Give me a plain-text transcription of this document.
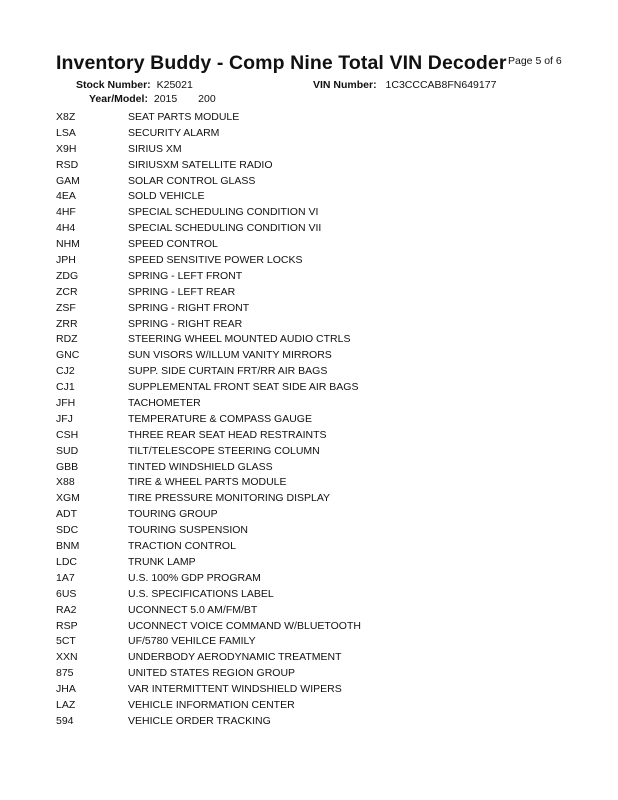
Inventory Buddy - Comp Nine Total VIN Decoder Page 5 of 6
Stock Number: K25021	VIN Number: 1C3CCCAB8FN649177
Year/Model: 2015 200
X8Z	SEAT PARTS MODULE
LSA	SECURITY ALARM
X9H	SIRIUS XM
RSD	SIRIUSXM SATELLITE RADIO
GAM	SOLAR CONTROL GLASS
4EA	SOLD VEHICLE
4HF	SPECIAL SCHEDULING CONDITION VI
4H4	SPECIAL SCHEDULING CONDITION VII
NHM	SPEED CONTROL
JPH	SPEED SENSITIVE POWER LOCKS
ZDG	SPRING - LEFT FRONT
ZCR	SPRING - LEFT REAR
ZSF	SPRING - RIGHT FRONT
ZRR	SPRING - RIGHT REAR
RDZ	STEERING WHEEL MOUNTED AUDIO CTRLS
GNC	SUN VISORS W/ILLUM VANITY MIRRORS
CJ2	SUPP. SIDE CURTAIN FRT/RR AIR BAGS
CJ1	SUPPLEMENTAL FRONT SEAT SIDE AIR BAGS
JFH	TACHOMETER
JFJ	TEMPERATURE & COMPASS GAUGE
CSH	THREE REAR SEAT HEAD RESTRAINTS
SUD	TILT/TELESCOPE STEERING COLUMN
GBB	TINTED WINDSHIELD GLASS
X88	TIRE & WHEEL PARTS MODULE
XGM	TIRE PRESSURE MONITORING DISPLAY
ADT	TOURING GROUP
SDC	TOURING SUSPENSION
BNM	TRACTION CONTROL
LDC	TRUNK LAMP
1A7	U.S. 100% GDP PROGRAM
6US	U.S. SPECIFICATIONS LABEL
RA2	UCONNECT 5.0 AM/FM/BT
RSP	UCONNECT VOICE COMMAND W/BLUETOOTH
5CT	UF/5780 VEHILCE FAMILY
XXN	UNDERBODY AERODYNAMIC TREATMENT
875	UNITED STATES REGION GROUP
JHA	VAR INTERMITTENT WINDSHIELD WIPERS
LAZ	VEHICLE INFORMATION CENTER
594	VEHICLE ORDER TRACKING
